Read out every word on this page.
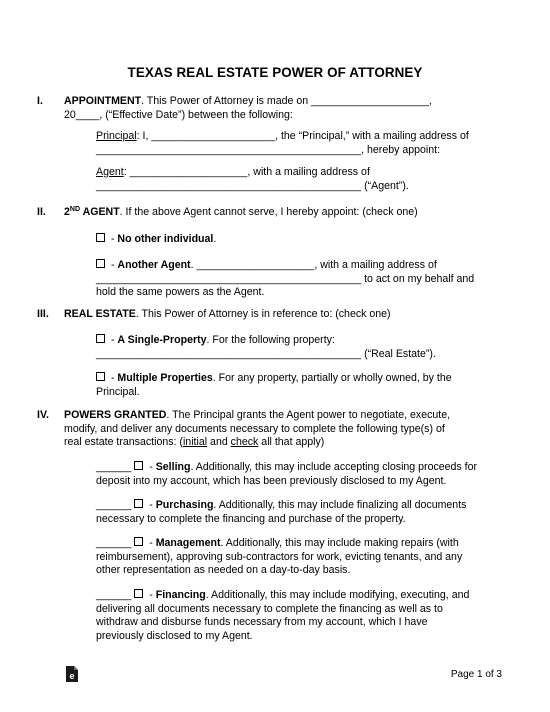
TEXAS REAL ESTATE POWER OF ATTORNEY
I. APPOINTMENT. This Power of Attorney is made on ____________________,

20____, (“Effective Date”) between the following:

Principal: I, _____________________, the “Principal,” with a mailing address of

_____________________________________________, hereby appoint:

Agent: ____________________, with a mailing address of

_____________________________________________ (“Agent”).

II. 2ND AGENT. If the above Agent cannot serve, I hereby appoint: (check one)

- No other individual.

- Another Agent. ____________________, with a mailing address of

_____________________________________________ to act on my behalf and

hold the same powers as the Agent.

III. REAL ESTATE. This Power of Attorney is in reference to: (check one)

- A Single-Property. For the following property:

_____________________________________________ (“Real Estate”).

- Multiple Properties. For any property, partially or wholly owned, by the

Principal.

IV. POWERS GRANTED. The Principal grants the Agent power to negotiate, execute,

modify, and deliver any documents necessary to complete the following type(s) of

real estate transactions: (initial and check all that apply)

______  - Selling. Additionally, this may include accepting closing proceeds for

deposit into my account, which has been previously disclosed to my Agent.

______  - Purchasing. Additionally, this may include finalizing all documents

necessary to complete the financing and purchase of the property.

______  - Management. Additionally, this may include making repairs (with

reimbursement), approving sub-contractors for work, evicting tenants, and any

other representation as needed on a day-to-day basis.

______  - Financing. Additionally, this may include modifying, executing, and

delivering all documents necessary to complete the financing as well as to

withdraw and disburse funds necessary from my account, which I have

previously disclosed to my Agent.

e	Page 1 of 3
